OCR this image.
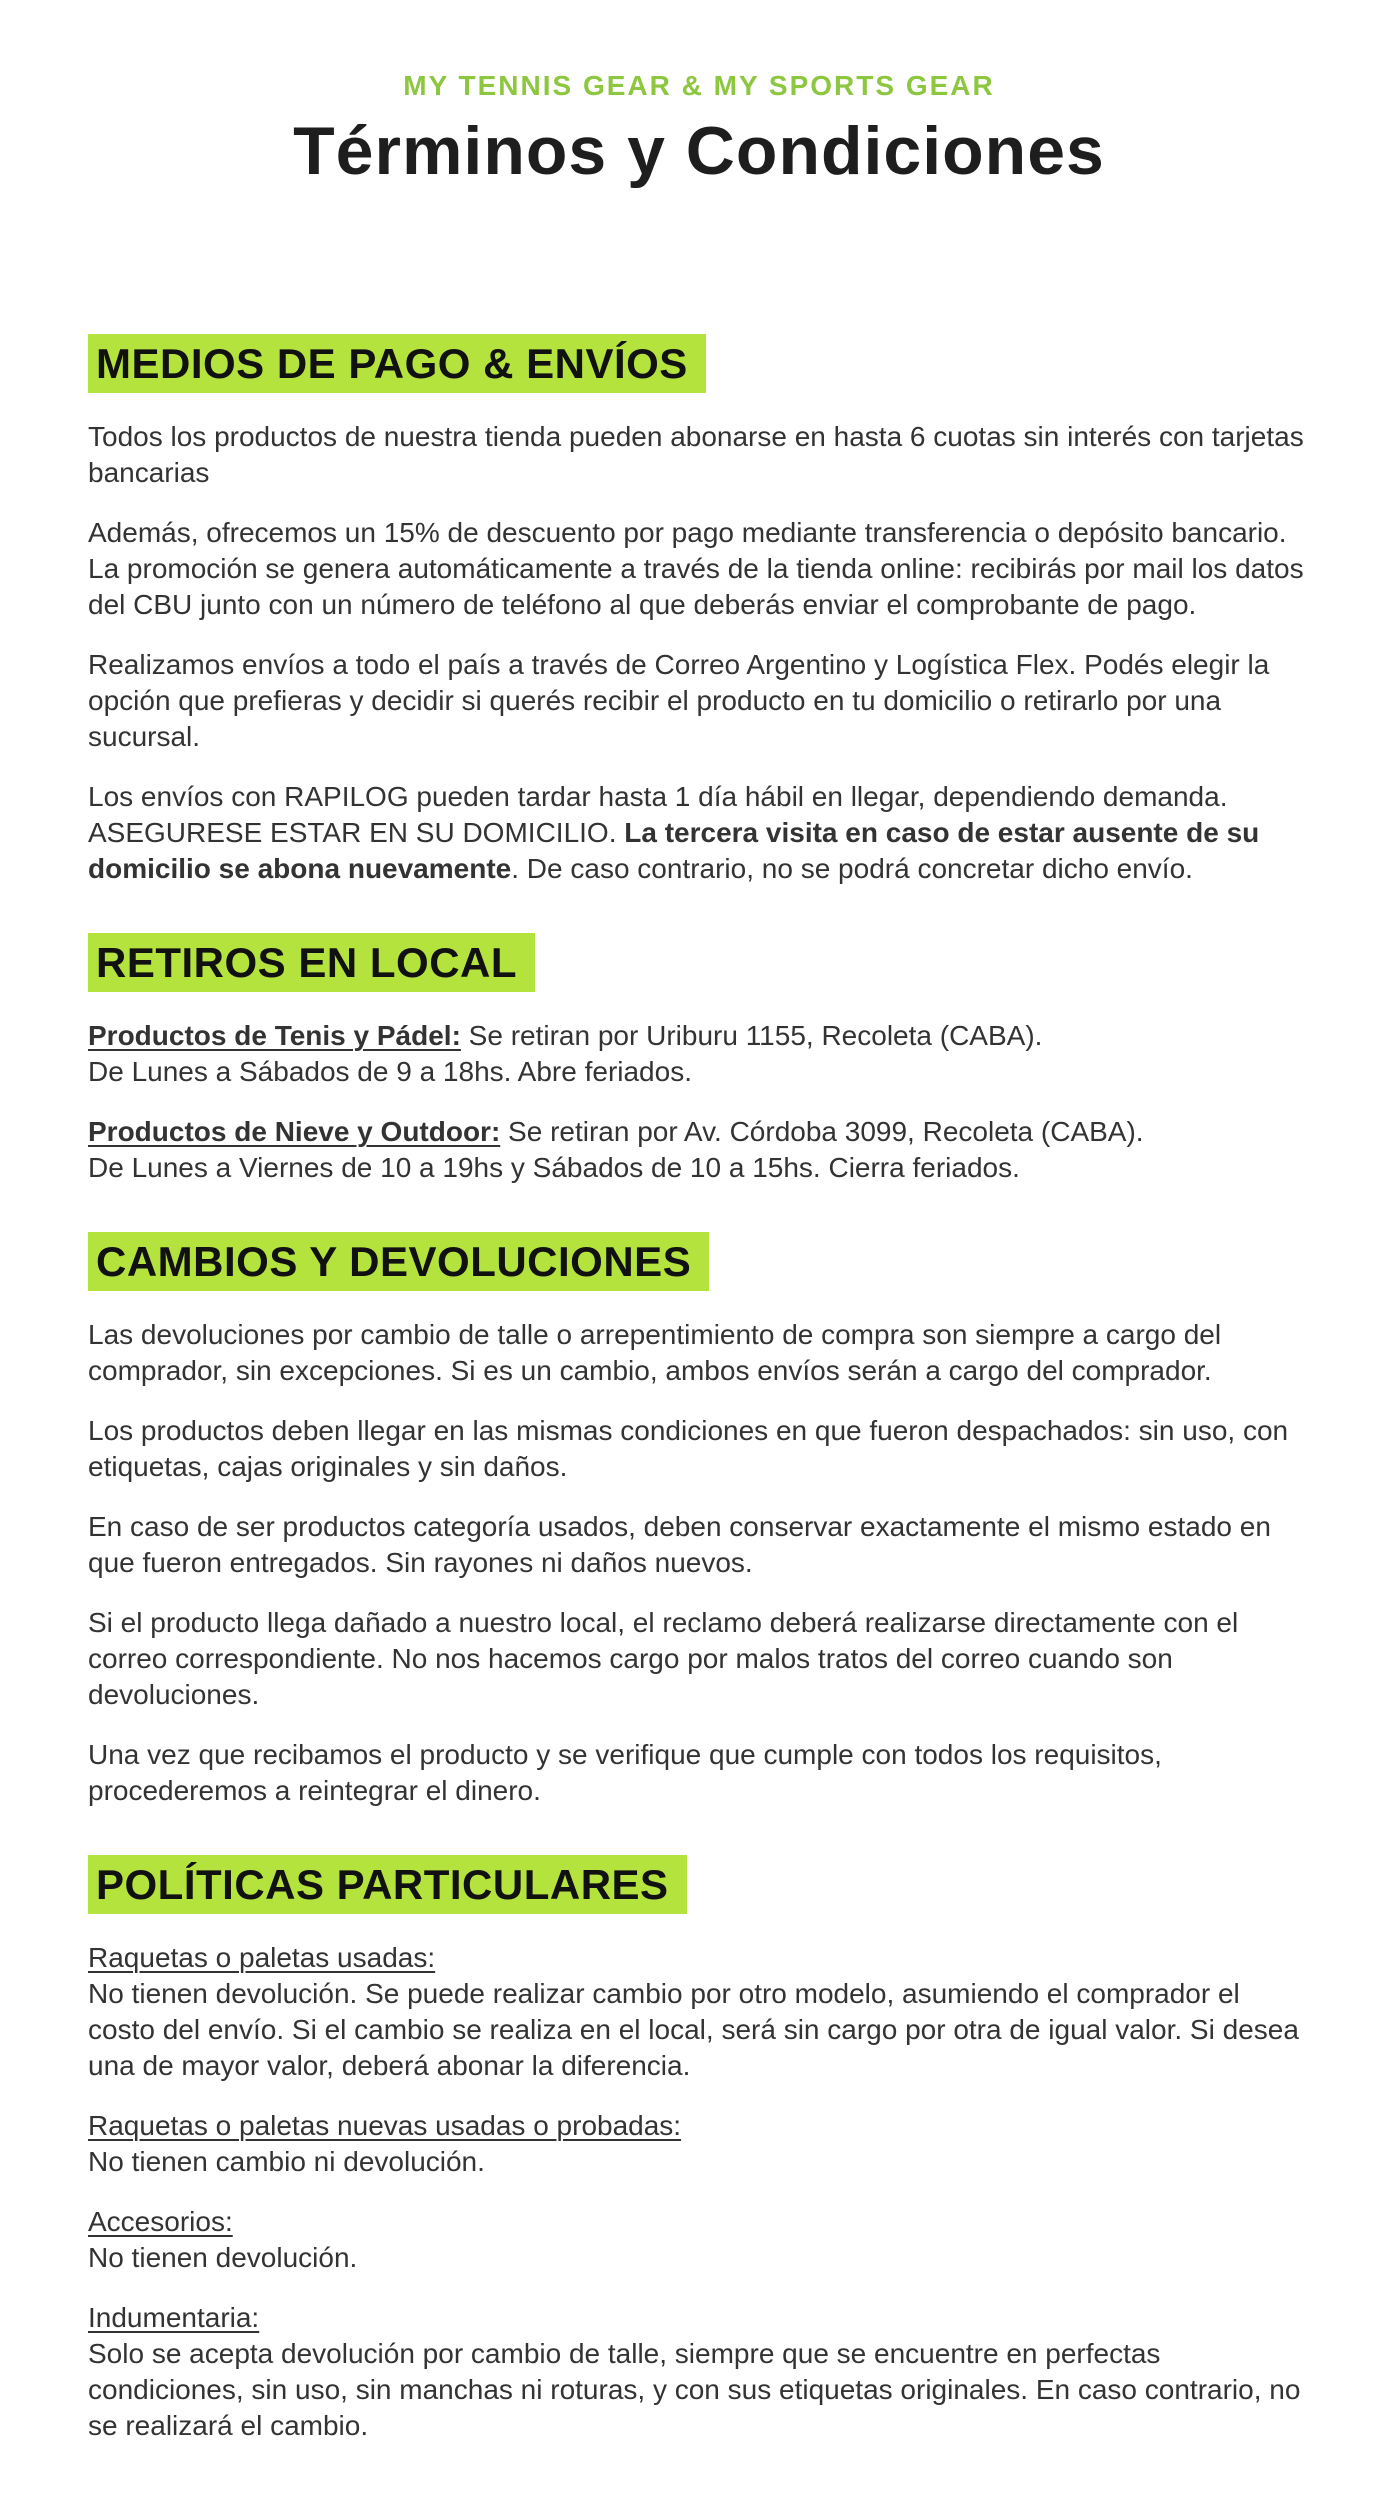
MY TENNIS GEAR & MY SPORTS GEAR
Términos y Condiciones
MEDIOS DE PAGO & ENVÍOS

Todos los productos de nuestra tienda pueden abonarse en hasta 6 cuotas sin interés con tarjetas bancarias

Además, ofrecemos un 15% de descuento por pago mediante transferencia o depósito bancario. La promoción se genera automáticamente a través de la tienda online: recibirás por mail los datos del CBU junto con un número de teléfono al que deberás enviar el comprobante de pago.

Realizamos envíos a todo el país a través de Correo Argentino y Logística Flex. Podés elegir la opción que prefieras y decidir si querés recibir el producto en tu domicilio o retirarlo por una sucursal.

Los envíos con RAPILOG pueden tardar hasta 1 día hábil en llegar, dependiendo demanda. ASEGURESE ESTAR EN SU DOMICILIO. La tercera visita en caso de estar ausente de su domicilio se abona nuevamente. De caso contrario, no se podrá concretar dicho envío.

RETIROS EN LOCAL

Productos de Tenis y Pádel: Se retiran por Uriburu 1155, Recoleta (CABA).
De Lunes a Sábados de 9 a 18hs. Abre feriados.

Productos de Nieve y Outdoor: Se retiran por Av. Córdoba 3099, Recoleta (CABA).
De Lunes a Viernes de 10 a 19hs y Sábados de 10 a 15hs. Cierra feriados.

CAMBIOS Y DEVOLUCIONES

Las devoluciones por cambio de talle o arrepentimiento de compra son siempre a cargo del comprador, sin excepciones. Si es un cambio, ambos envíos serán a cargo del comprador.

Los productos deben llegar en las mismas condiciones en que fueron despachados: sin uso, con etiquetas, cajas originales y sin daños.

En caso de ser productos categoría usados, deben conservar exactamente el mismo estado en que fueron entregados. Sin rayones ni daños nuevos.

Si el producto llega dañado a nuestro local, el reclamo deberá realizarse directamente con el correo correspondiente. No nos hacemos cargo por malos tratos del correo cuando son devoluciones.

Una vez que recibamos el producto y se verifique que cumple con todos los requisitos, procederemos a reintegrar el dinero.

POLÍTICAS PARTICULARES

Raquetas o paletas usadas:
No tienen devolución. Se puede realizar cambio por otro modelo, asumiendo el comprador el costo del envío. Si el cambio se realiza en el local, será sin cargo por otra de igual valor. Si desea una de mayor valor, deberá abonar la diferencia.

Raquetas o paletas nuevas usadas o probadas:
No tienen cambio ni devolución.

Accesorios:
No tienen devolución.

Indumentaria:
Solo se acepta devolución por cambio de talle, siempre que se encuentre en perfectas condiciones, sin uso, sin manchas ni roturas, y con sus etiquetas originales. En caso contrario, no se realizará el cambio.
